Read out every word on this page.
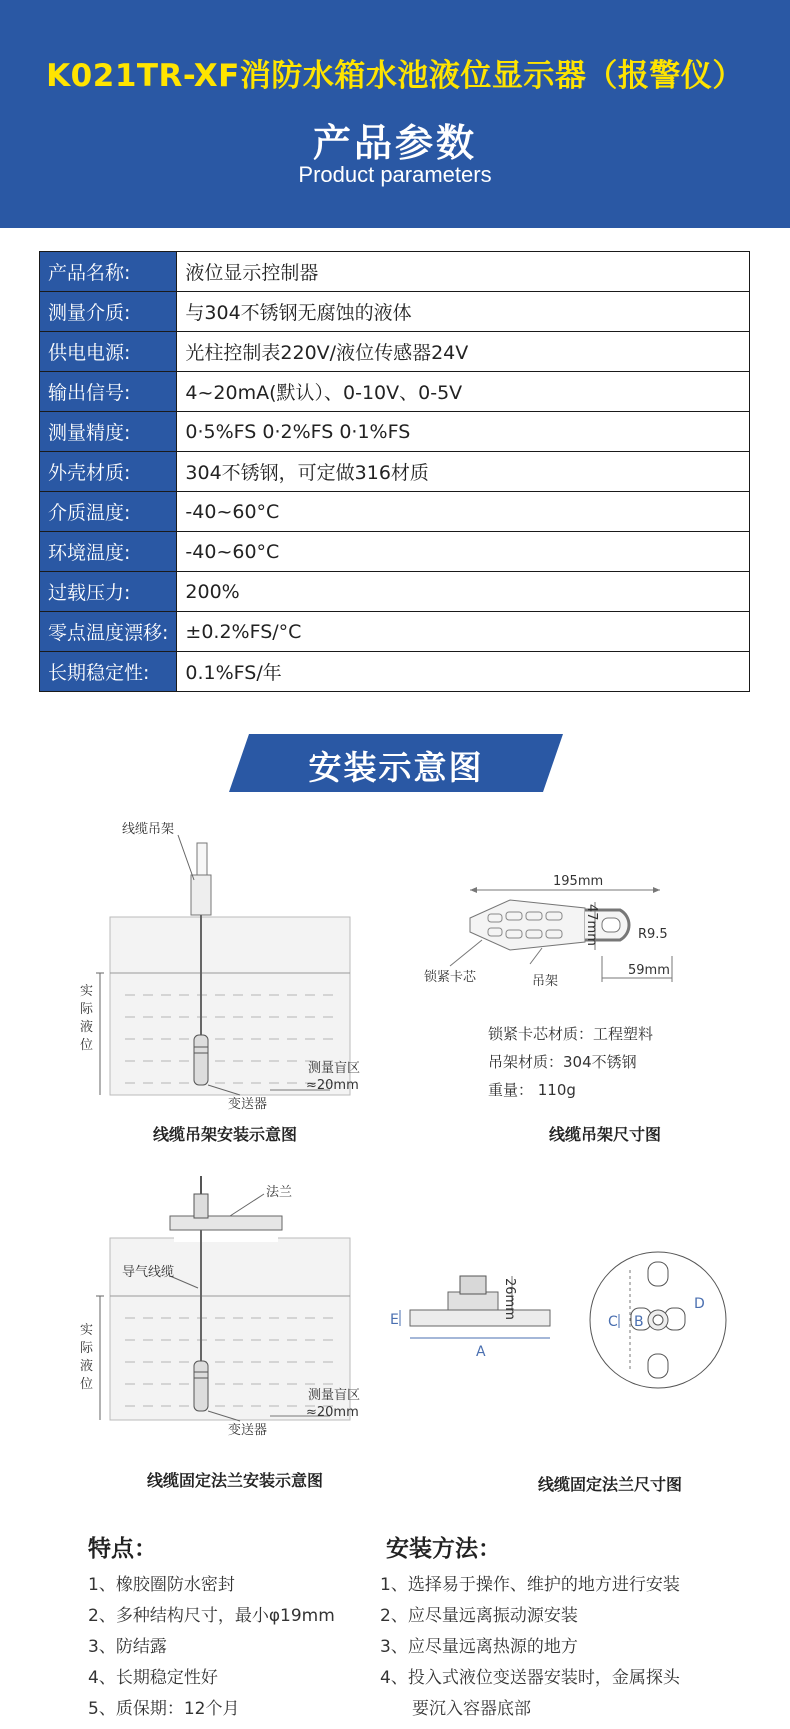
K021TR-XF消防水箱水池液位显示器（报警仪）
产品参数
Product parameters
产品名称:	液位显示控制器
测量介质:	与304不锈钢无腐蚀的液体
供电电源:	光柱控制表220V/液位传感器24V
输出信号:	4~20mA(默认）、0-10V、0-5V
测量精度:	0·5%FS 0·2%FS 0·1%FS
外壳材质:	304不锈钢，可定做316材质
介质温度:	-40~60°C
环境温度:	-40~60°C
过载压力:	200%
零点温度漂移:	±0.2%FS/°C
长期稳定性:	0.1%FS/年
安装示意图
线缆吊架
实
际
液
位
测量盲区
≈20mm
变送器
线缆吊架安装示意图
195mm
47mm	R9.5
59mm
锁紧卡芯	吊架
锁紧卡芯材质：工程塑料
吊架材质：304不锈钢
重量： 110g
线缆吊架尺寸图
法兰
导气线缆
实
际
液
位
测量盲区
≈20mm
变送器
线缆固定法兰安装示意图
26mm
E
A
C B
D
线缆固定法兰尺寸图
特点：
1、橡胶圈防水密封
2、多种结构尺寸，最小φ19mm
3、防结露
4、长期稳定性好
5、质保期：12个月
安装方法：
1、选择易于操作、维护的地方进行安装
2、应尽量远离振动源安装
3、应尽量远离热源的地方
4、投入式液位变送器安装时，金属探头
要沉入容器底部
